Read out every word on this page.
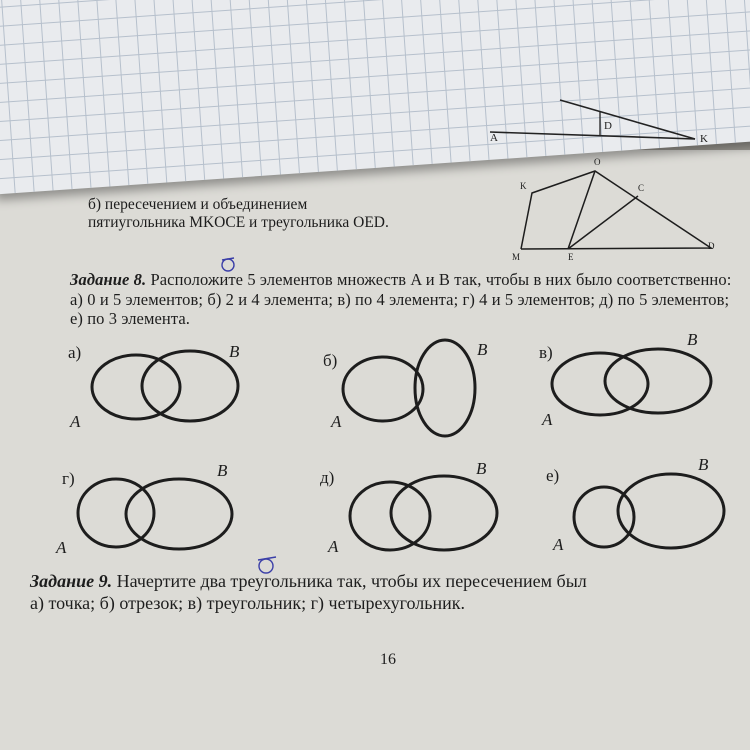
D
A	K
б) пересечением и объединением
пятиугольника MKOCE и треугольника OED.
K
O
C
M	E
D
Задание 8. Расположите 5 элементов множеств A и B так, чтобы в них было соответственно: а) 0 и 5 элементов; б) 2 и 4 элемента; в) по 4 элемента; г) 4 и 5 элементов; д) по 5 элементов; е) по 3 элемента.
а)	B
A
б)
B
A
в)
B
A
г)	B
A
д)	B
A
е)
B
A
Задание 9. Начертите два треугольника так, чтобы их пересечением был
а) точка; б) отрезок; в) треугольник; г) четырехугольник.
16
